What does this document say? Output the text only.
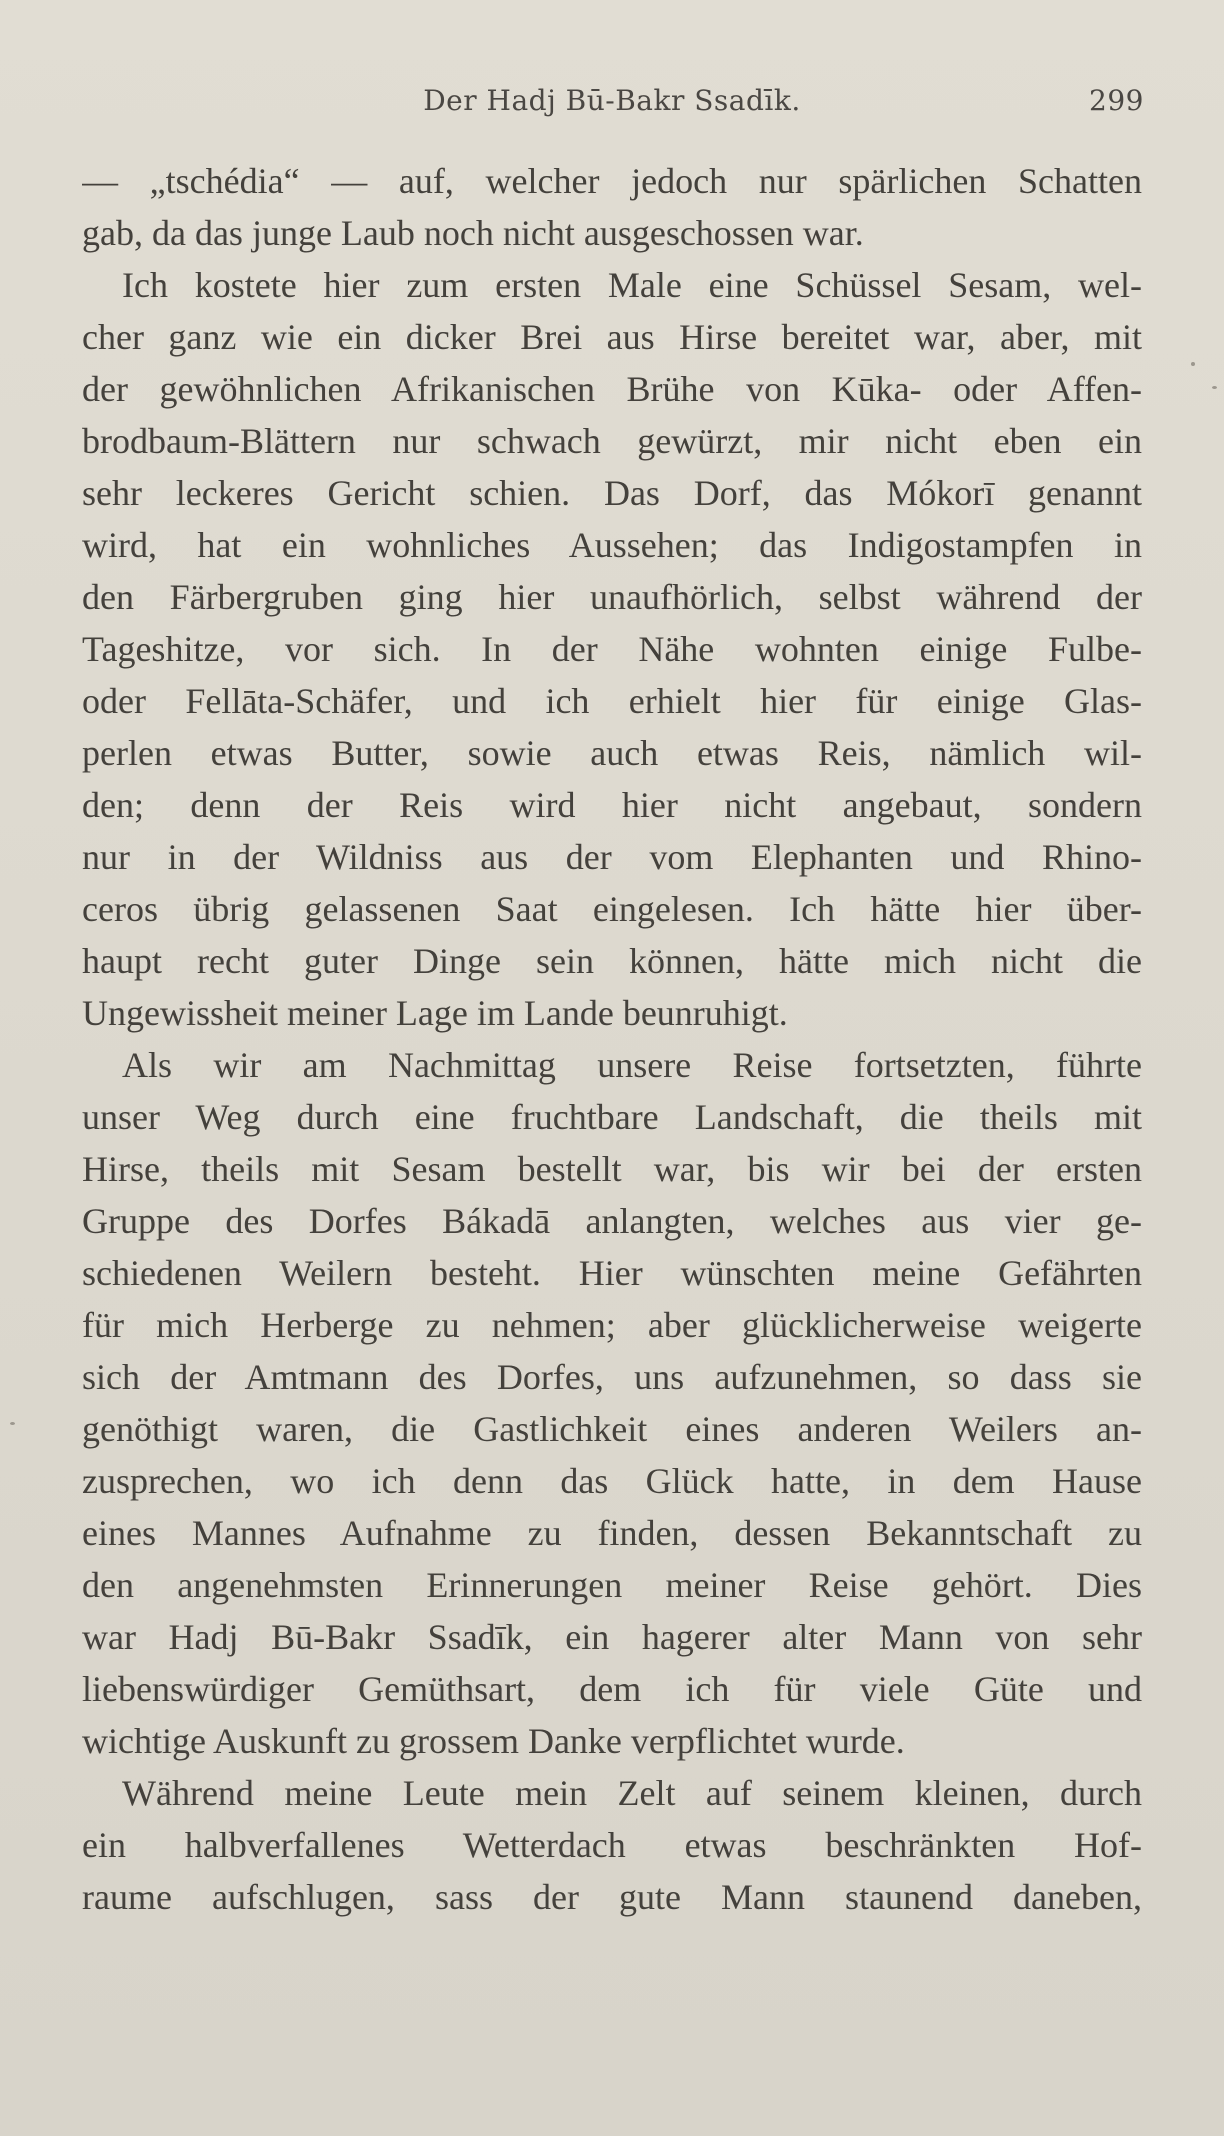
Der Hadj Bū-Bakr Ssadīk.	299
— „tschédia“ — auf, welcher jedoch nur spärlichen Schatten
gab, da das junge Laub noch nicht ausgeschossen war.
Ich kostete hier zum ersten Male eine Schüssel Sesam, wel-
cher ganz wie ein dicker Brei aus Hirse bereitet war, aber, mit
der gewöhnlichen Afrikanischen Brühe von Kūka- oder Affen-
brodbaum-Blättern nur schwach gewürzt, mir nicht eben ein
sehr leckeres Gericht schien. Das Dorf, das Mókorī genannt
wird, hat ein wohnliches Aussehen; das Indigostampfen in
den Färbergruben ging hier unaufhörlich, selbst während der
Tageshitze, vor sich. In der Nähe wohnten einige Fulbe-
oder Fellāta-Schäfer, und ich erhielt hier für einige Glas-
perlen etwas Butter, sowie auch etwas Reis, nämlich wil-
den; denn der Reis wird hier nicht angebaut, sondern
nur in der Wildniss aus der vom Elephanten und Rhino-
ceros übrig gelassenen Saat eingelesen. Ich hätte hier über-
haupt recht guter Dinge sein können, hätte mich nicht die
Ungewissheit meiner Lage im Lande beunruhigt.
Als wir am Nachmittag unsere Reise fortsetzten, führte
unser Weg durch eine fruchtbare Landschaft, die theils mit
Hirse, theils mit Sesam bestellt war, bis wir bei der ersten
Gruppe des Dorfes Bákadā anlangten, welches aus vier ge-
schiedenen Weilern besteht. Hier wünschten meine Gefährten
für mich Herberge zu nehmen; aber glücklicherweise weigerte
sich der Amtmann des Dorfes, uns aufzunehmen, so dass sie
genöthigt waren, die Gastlichkeit eines anderen Weilers an-
zusprechen, wo ich denn das Glück hatte, in dem Hause
eines Mannes Aufnahme zu finden, dessen Bekanntschaft zu
den angenehmsten Erinnerungen meiner Reise gehört. Dies
war Hadj Bū-Bakr Ssadīk, ein hagerer alter Mann von sehr
liebenswürdiger Gemüthsart, dem ich für viele Güte und
wichtige Auskunft zu grossem Danke verpflichtet wurde.
Während meine Leute mein Zelt auf seinem kleinen, durch
ein halbverfallenes Wetterdach etwas beschränkten Hof-
raume aufschlugen, sass der gute Mann staunend daneben,
